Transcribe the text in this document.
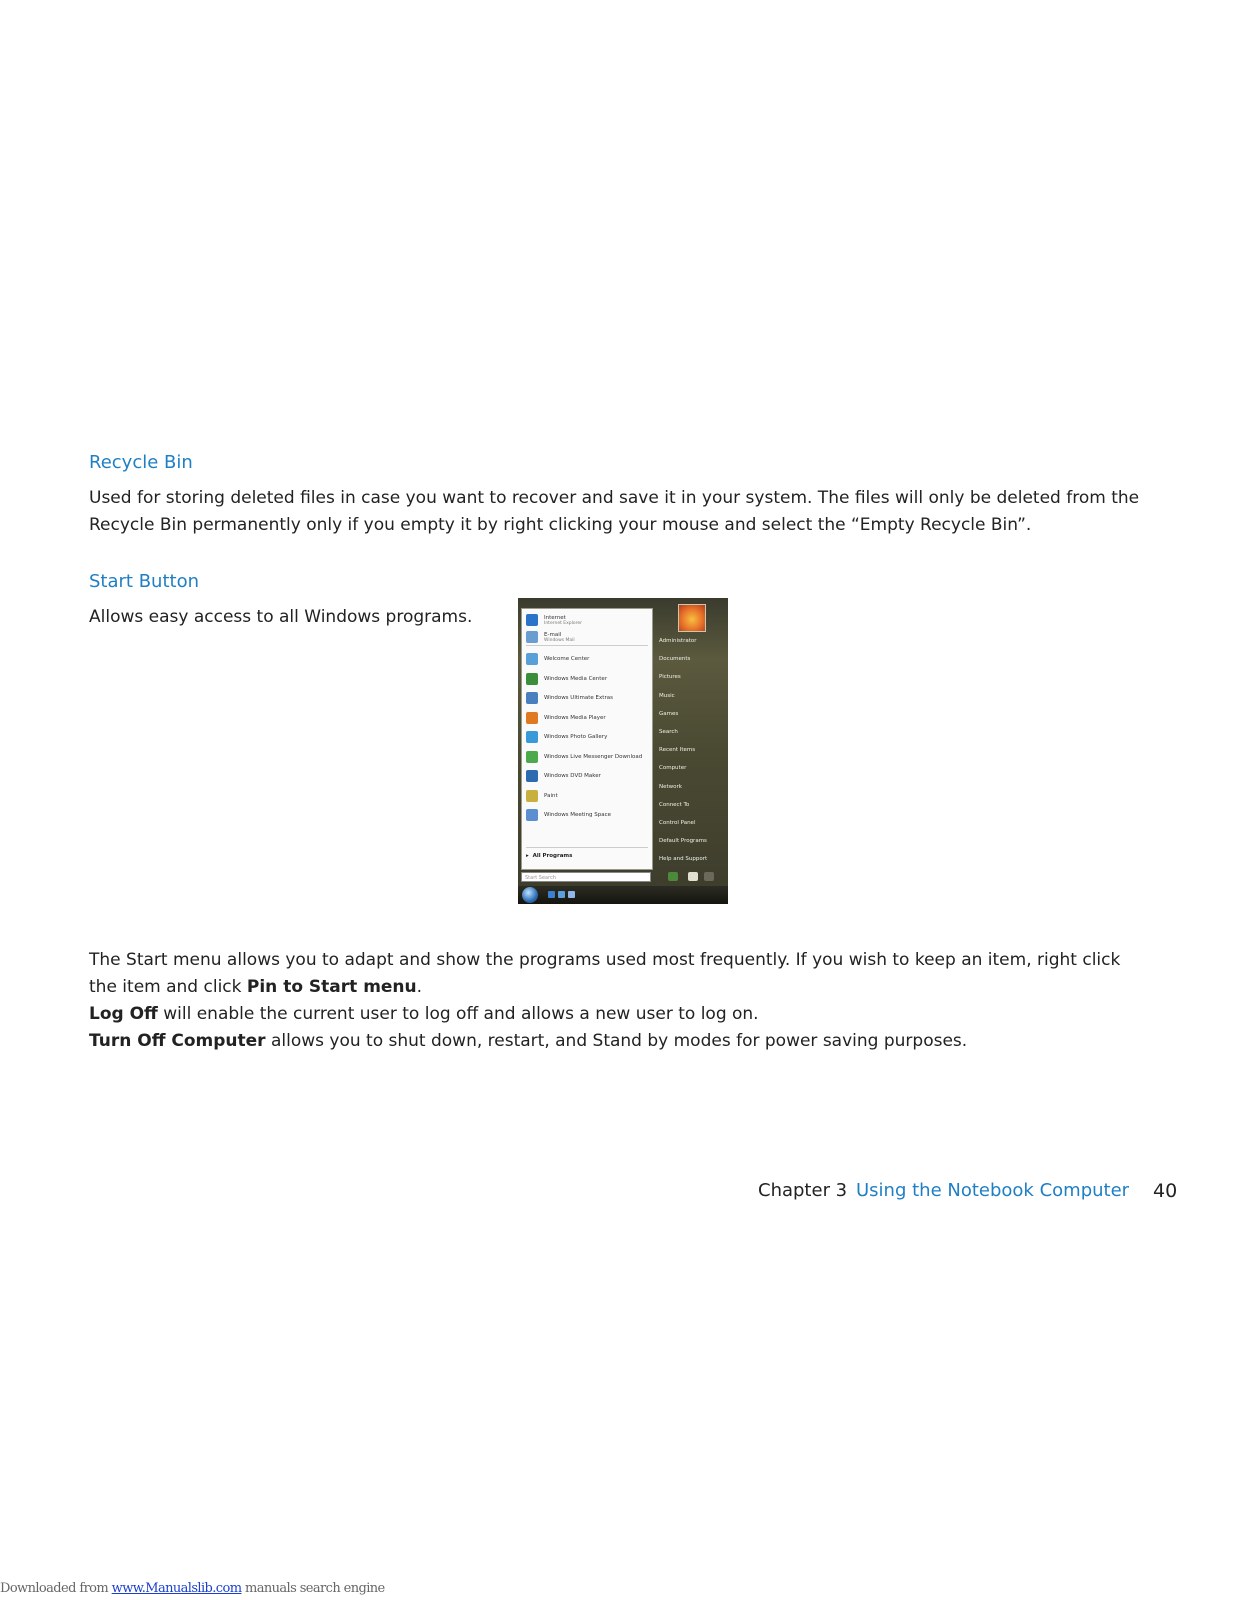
Recycle Bin
Used for storing deleted files in case you want to recover and save it in your system. The files will only be deleted from the
Recycle Bin permanently only if you empty it by right clicking your mouse and select the “Empty Recycle Bin”.
Start Button
Allows easy access to all Windows programs.
▸  All Programs
Internet
Internet Explorer
E-mail
Windows Mail
Welcome Center
Windows Media Center
Windows Ultimate Extras
Windows Media Player
Windows Photo Gallery
Windows Live Messenger Download
Windows DVD Maker
Paint
Windows Meeting Space
Start Search
Administrator
Documents
Pictures
Music
Games
Search
Recent Items
Computer
Network
Connect To
Control Panel
Default Programs
Help and Support
The Start menu allows you to adapt and show the programs used most frequently. If you wish to keep an item, right click
the item and click Pin to Start menu.
Log Off will enable the current user to log off and allows a new user to log on.
Turn Off Computer allows you to shut down, restart, and Stand by modes for power saving purposes.
Chapter 3 Using the Notebook Computer 40
Downloaded from www.Manualslib.com manuals search engine
